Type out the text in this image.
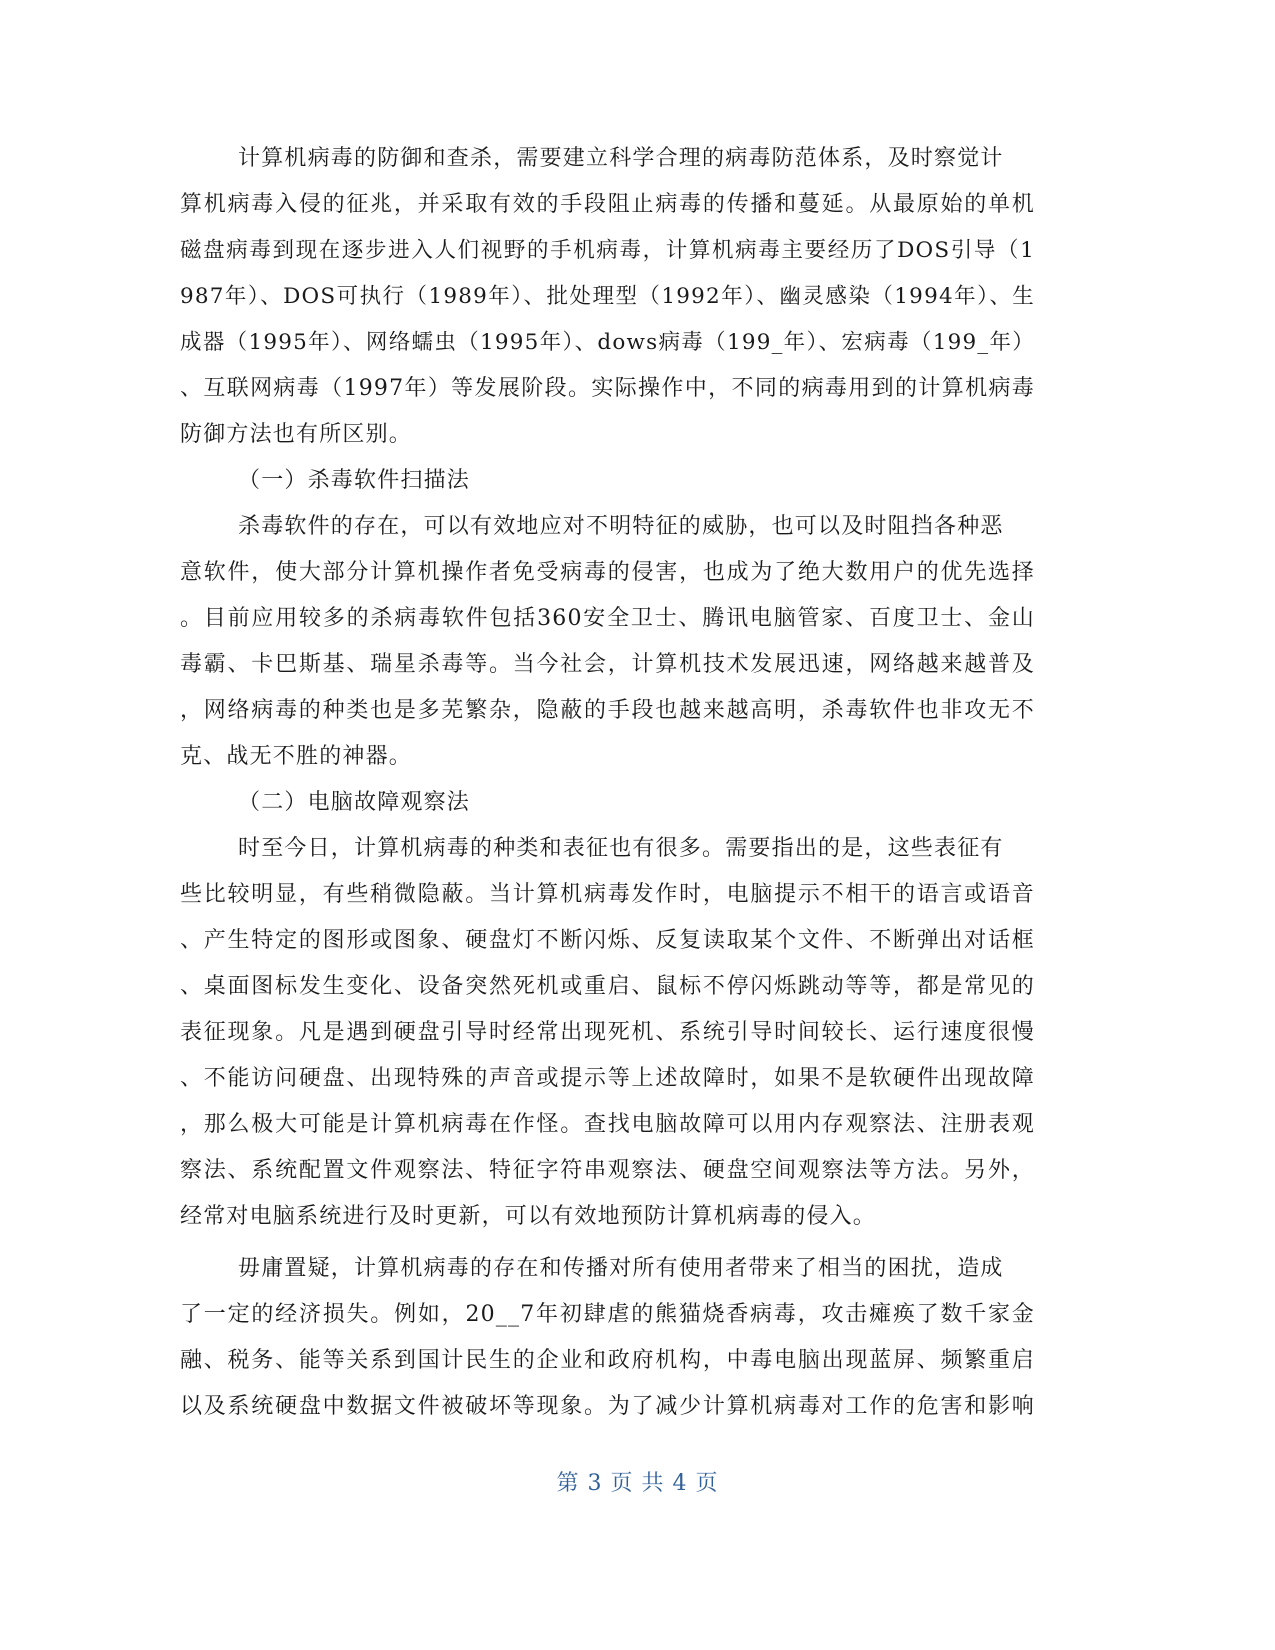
计算机病毒的防御和查杀，需要建立科学合理的病毒防范体系，及时察觉计
算机病毒入侵的征兆，并采取有效的手段阻止病毒的传播和蔓延。从最原始的单机
磁盘病毒到现在逐步进入人们视野的手机病毒，计算机病毒主要经历了DOS引导（1
987年）、DOS可执行（1989年）、批处理型（1992年）、幽灵感染（1994年）、生
成器（1995年）、网络蠕虫（1995年）、dows病毒（199_年）、宏病毒（199_年）
、互联网病毒（1997年）等发展阶段。实际操作中，不同的病毒用到的计算机病毒
防御方法也有所区别。
（一）杀毒软件扫描法
杀毒软件的存在，可以有效地应对不明特征的威胁，也可以及时阻挡各种恶
意软件，使大部分计算机操作者免受病毒的侵害，也成为了绝大数用户的优先选择
。目前应用较多的杀病毒软件包括360安全卫士、腾讯电脑管家、百度卫士、金山
毒霸、卡巴斯基、瑞星杀毒等。当今社会，计算机技术发展迅速，网络越来越普及
，网络病毒的种类也是多芜繁杂，隐蔽的手段也越来越高明，杀毒软件也非攻无不
克、战无不胜的神器。
（二）电脑故障观察法
时至今日，计算机病毒的种类和表征也有很多。需要指出的是，这些表征有
些比较明显，有些稍微隐蔽。当计算机病毒发作时，电脑提示不相干的语言或语音
、产生特定的图形或图象、硬盘灯不断闪烁、反复读取某个文件、不断弹出对话框
、桌面图标发生变化、设备突然死机或重启、鼠标不停闪烁跳动等等，都是常见的
表征现象。凡是遇到硬盘引导时经常出现死机、系统引导时间较长、运行速度很慢
、不能访问硬盘、出现特殊的声音或提示等上述故障时，如果不是软硬件出现故障
，那么极大可能是计算机病毒在作怪。查找电脑故障可以用内存观察法、注册表观
察法、系统配置文件观察法、特征字符串观察法、硬盘空间观察法等方法。另外，
经常对电脑系统进行及时更新，可以有效地预防计算机病毒的侵入。
毋庸置疑，计算机病毒的存在和传播对所有使用者带来了相当的困扰，造成
了一定的经济损失。例如，20__7年初肆虐的熊猫烧香病毒，攻击瘫痪了数千家金
融、税务、能等关系到国计民生的企业和政府机构，中毒电脑出现蓝屏、频繁重启
以及系统硬盘中数据文件被破坏等现象。为了减少计算机病毒对工作的危害和影响
第 3 页 共 4 页
